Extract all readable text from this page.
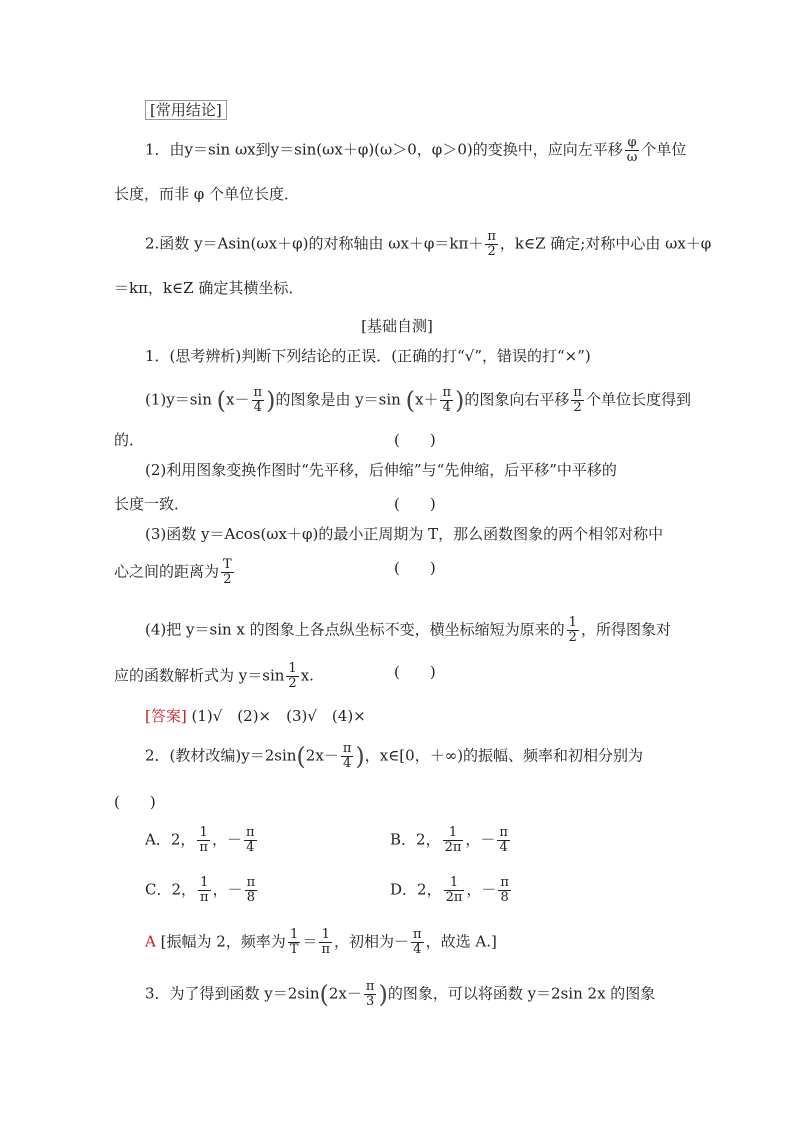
[常用结论]
1．由y＝sin ωx到y＝sin(ωx＋φ)(ω＞0，φ＞0)的变换中，应向左平移 $\frac{\varphi}{\omega}$ 个单位
长度，而非 φ 个单位长度．
2.函数 y＝Asin(ωx＋φ)的对称轴由 $\omega x+\varphi=k\pi+ \frac{\pi}{2}$ ，k∈Z 确定;对称中心由 ωx＋φ
＝kπ，k∈Z 确定其横坐标．
[基础自测]
1．(思考辨析)判断下列结论的正误．(正确的打“√”，错误的打“×”)
(1)y＝sin ($x- \frac{\pi}{4}$ )的图象是由 y＝sin ($x+ \frac{\pi}{4}$ )的图象向右平移 $\frac{\pi}{2}$ 个单位长度得到
的．	(　　)
(2)利用图象变换作图时“先平移，后伸缩”与“先伸缩，后平移”中平移的
长度一致．	(　　)
(3)函数 y＝Acos(ωx＋φ)的最小正周期为 T，那么函数图象的两个相邻对称中
心之间的距离为 $\frac{T}{2}$	(　　)
(4)把 y＝sin x 的图象上各点纵坐标不变，横坐标缩短为原来的 $\frac{1}{2}$ ，所得图象对
应的函数解析式为 $y=\sin \frac{1}{2} x$.	(　　)
[答案] (1)√　(2)×　(3)√　(4)×
2．(教材改编)$y=2\sin(2x- \frac{\pi}{4}$ )，x∈[0，＋∞)的振幅、频率和初相分别为
(　　)
A．2， $\frac{1}{\pi}$ ，－ $\frac{\pi}{4}$	B．2， $\frac{1}{2\pi}$ ，－ $\frac{\pi}{4}$
C．2， $\frac{1}{\pi}$ ，－ $\frac{\pi}{8}$	D．2， $\frac{1}{2\pi}$ ，－ $\frac{\pi}{8}$
A [振幅为 2，频率为 $\frac{1}{T} = \frac{1}{\pi}$ ，初相为－ $\frac{\pi}{4}$ ，故选 A.]
3．为了得到函数 $y=2\sin(2x- \frac{\pi}{3}$ )的图象，可以将函数 y＝2sin 2x 的图象
